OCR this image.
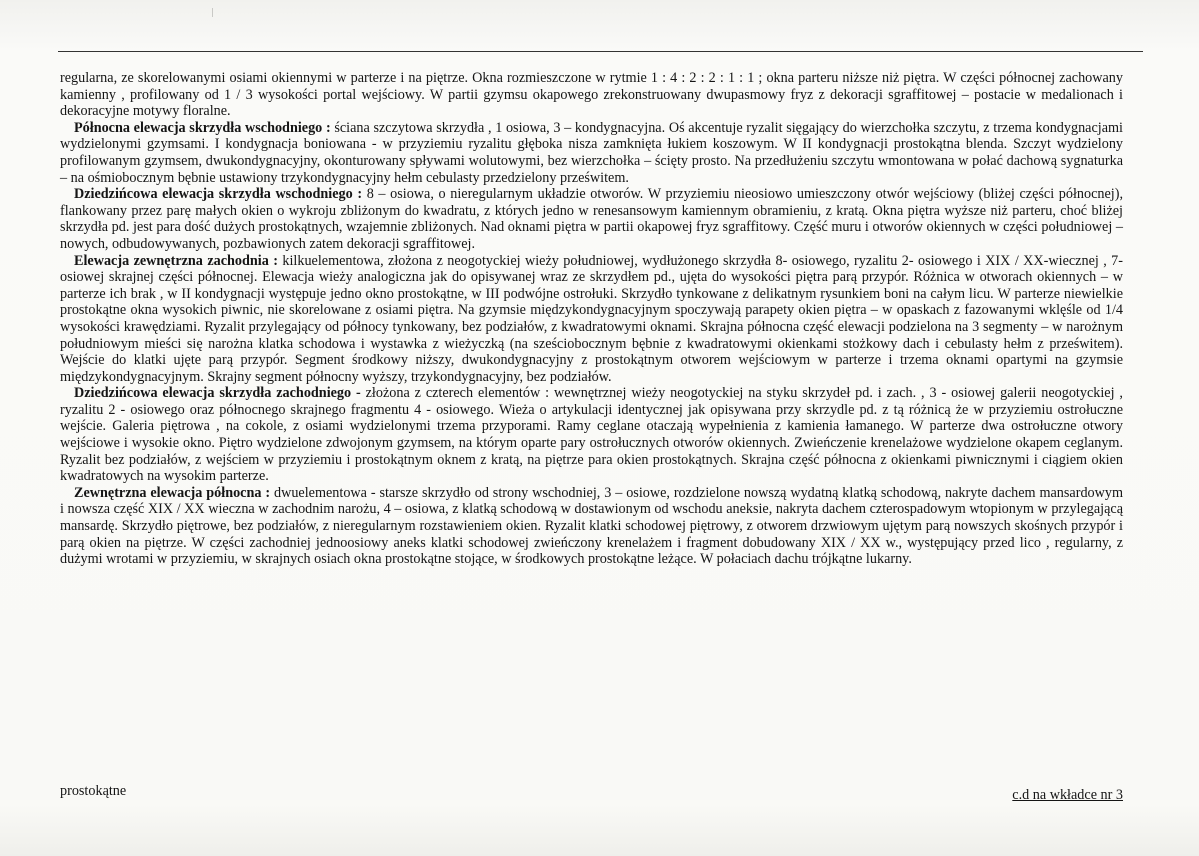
regularna, ze skorelowanymi osiami okiennymi w parterze i na piętrze. Okna rozmieszczone w rytmie 1 : 4 : 2 : 2 : 1 : 1 ; okna parteru niższe niż piętra. W części północnej zachowany kamienny , profilowany od 1 / 3 wysokości portal wejściowy. W partii gzymsu okapowego zrekonstruowany dwupasmowy fryz z dekoracji sgraffitowej – postacie w medalionach i dekoracyjne motywy floralne.

Północna elewacja skrzydła wschodniego : ściana szczytowa skrzydła , 1 osiowa, 3 – kondygnacyjna. Oś akcentuje ryzalit sięgający do wierzchołka szczytu, z trzema kondygnacjami wydzielonymi gzymsami. I kondygnacja boniowana - w przyziemiu ryzalitu głęboka nisza zamknięta łukiem koszowym. W II kondygnacji prostokątna blenda. Szczyt wydzielony profilowanym gzymsem, dwukondygnacyjny, okonturowany spływami wolutowymi, bez wierzchołka – ścięty prosto. Na przedłużeniu szczytu wmontowana w połać dachową sygnaturka – na ośmiobocznym bębnie ustawiony trzykondygnacyjny hełm cebulasty przedzielony prześwitem.

Dziedzińcowa elewacja skrzydła wschodniego : 8 – osiowa, o nieregularnym układzie otworów. W przyziemiu nieosiowo umieszczony otwór wejściowy (bliżej części północnej), flankowany przez parę małych okien o wykroju zbliżonym do kwadratu, z których jedno w renesansowym kamiennym obramieniu, z kratą. Okna piętra wyższe niż parteru, choć bliżej skrzydła pd. jest para dość dużych prostokątnych, wzajemnie zbliżonych. Nad oknami piętra w partii okapowej fryz sgraffitowy. Część muru i otworów okiennych w części południowej – nowych, odbudowywanych, pozbawionych zatem dekoracji sgraffitowej.

Elewacja zewnętrzna zachodnia : kilkuelementowa, złożona z neogotyckiej wieży południowej, wydłużonego skrzydła 8- osiowego, ryzalitu 2- osiowego i XIX / XX-wiecznej , 7-osiowej skrajnej części północnej. Elewacja wieży analogiczna jak do opisywanej wraz ze skrzydłem pd., ujęta do wysokości piętra parą przypór. Różnica w otworach okiennych – w parterze ich brak , w II kondygnacji występuje jedno okno prostokątne, w III podwójne ostrołuki. Skrzydło tynkowane z delikatnym rysunkiem boni na całym licu. W parterze niewielkie prostokątne okna wysokich piwnic, nie skorelowane z osiami piętra. Na gzymsie międzykondygnacyjnym spoczywają parapety okien piętra – w opaskach z fazowanymi wklęśle od 1/4 wysokości krawędziami. Ryzalit przylegający od północy tynkowany, bez podziałów, z kwadratowymi oknami. Skrajna północna część elewacji podzielona na 3 segmenty – w narożnym południowym mieści się narożna klatka schodowa i wystawka z wieżyczką (na sześciobocznym bębnie z kwadratowymi okienkami stożkowy dach i cebulasty hełm z prześwitem). Wejście do klatki ujęte parą przypór. Segment środkowy niższy, dwukondygnacyjny z prostokątnym otworem wejściowym w parterze i trzema oknami opartymi na gzymsie międzykondygnacyjnym. Skrajny segment północny wyższy, trzykondygnacyjny, bez podziałów.

Dziedzińcowa elewacja skrzydła zachodniego - złożona z czterech elementów : wewnętrznej wieży neogotyckiej na styku skrzydeł pd. i zach. , 3 - osiowej galerii neogotyckiej , ryzalitu 2 - osiowego oraz północnego skrajnego fragmentu 4 - osiowego. Wieża o artykulacji identycznej jak opisywana przy skrzydle pd. z tą różnicą że w przyziemiu ostrołuczne wejście. Galeria piętrowa , na cokole, z osiami wydzielonymi trzema przyporami. Ramy ceglane otaczają wypełnienia z kamienia łamanego. W parterze dwa ostrołuczne otwory wejściowe i wysokie okno. Piętro wydzielone zdwojonym gzymsem, na którym oparte pary ostrołucznych otworów okiennych. Zwieńczenie krenelażowe wydzielone okapem ceglanym. Ryzalit bez podziałów, z wejściem w przyziemiu i prostokątnym oknem z kratą, na piętrze para okien prostokątnych. Skrajna część północna z okienkami piwnicznymi i ciągiem okien kwadratowych na wysokim parterze.

Zewnętrzna elewacja północna : dwuelementowa - starsze skrzydło od strony wschodniej, 3 – osiowe, rozdzielone nowszą wydatną klatką schodową, nakryte dachem mansardowym i nowsza część XIX / XX wieczna w zachodnim narożu, 4 – osiowa, z klatką schodową w dostawionym od wschodu aneksie, nakryta dachem czterospadowym wtopionym w przylegającą mansardę. Skrzydło piętrowe, bez podziałów, z nieregularnym rozstawieniem okien. Ryzalit klatki schodowej piętrowy, z otworem drzwiowym ujętym parą nowszych skośnych przypór i parą okien na piętrze. W części zachodniej jednoosiowy aneks klatki schodowej zwieńczony krenelażem i fragment dobudowany XIX / XX w., występujący przed lico , regularny, z dużymi wrotami w przyziemiu, w skrajnych osiach okna prostokątne stojące, w środkowych prostokątne leżące. W połaciach dachu trójkątne lukarny.

prostokątne	c.d na wkładce nr 3
